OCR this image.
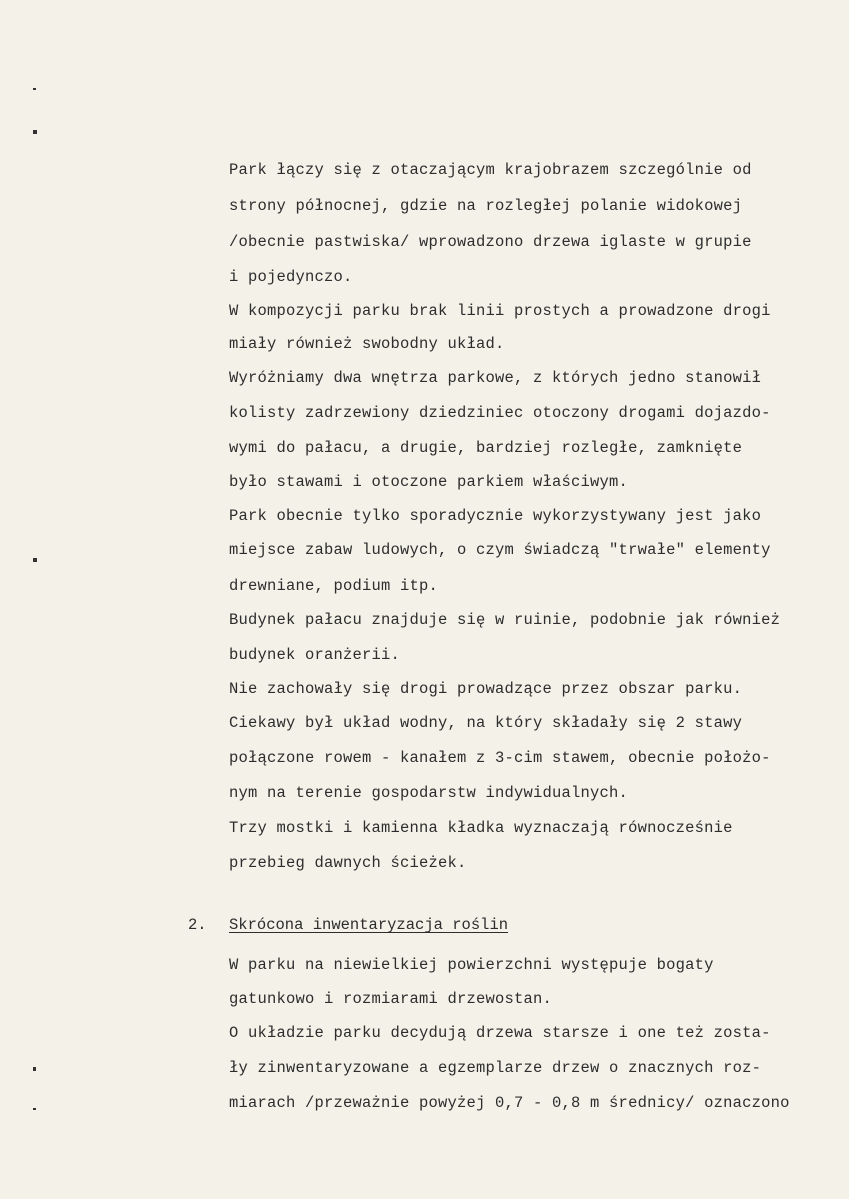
Park łączy się z otaczającym krajobrazem szczególnie od
strony północnej, gdzie na rozległej polanie widokowej
/obecnie pastwiska/ wprowadzono drzewa iglaste w grupie
i pojedynczo.
W kompozycji parku brak linii prostych a prowadzone drogi
miały również swobodny układ.
Wyróżniamy dwa wnętrza parkowe, z których jedno stanowił
kolisty zadrzewiony dziedziniec otoczony drogami dojazdo-
wymi do pałacu, a drugie, bardziej rozległe, zamknięte
było stawami i otoczone parkiem właściwym.
Park obecnie tylko sporadycznie wykorzystywany jest jako
miejsce zabaw ludowych, o czym świadczą "trwałe" elementy
drewniane, podium itp.
Budynek pałacu znajduje się w ruinie, podobnie jak również
budynek oranżerii.
Nie zachowały się drogi prowadzące przez obszar parku.
Ciekawy był układ wodny, na który składały się 2 stawy
połączone rowem - kanałem z 3-cim stawem, obecnie położo-
nym na terenie gospodarstw indywidualnych.
Trzy mostki i kamienna kładka wyznaczają równocześnie
przebieg dawnych ścieżek.
2. Skrócona inwentaryzacja roślin
W parku na niewielkiej powierzchni występuje bogaty
gatunkowo i rozmiarami drzewostan.
O układzie parku decydują drzewa starsze i one też zosta-
ły zinwentaryzowane a egzemplarze drzew o znacznych roz-
miarach /przeważnie powyżej 0,7 - 0,8 m średnicy/ oznaczono
